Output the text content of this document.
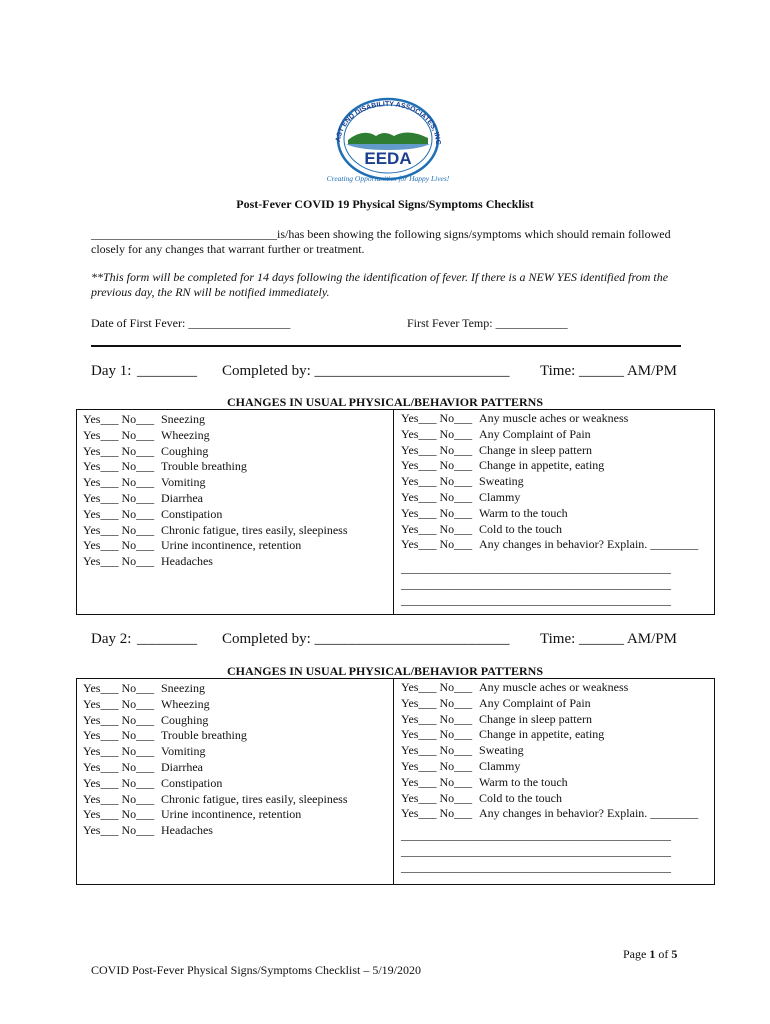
AST END DISABILITY ASSOCIATES, INC
EEDA
Creating Opportunities for Happy Lives!
Post-Fever COVID 19 Physical Signs/Symptoms Checklist
_______________________________is/has been showing the following signs/symptoms which should remain followed closely for any changes that warrant further or treatment.
**This form will be completed for 14 days following the identification of fever. If there is a NEW YES identified from the previous day, the RN will be notified immediately.
Date of First Fever: _________________	First Fever Temp: ____________
Day 1: ________ Completed by: __________________________ Time: ______ AM/PM
CHANGES IN USUAL PHYSICAL/BEHAVIOR PATTERNS
Yes___ No___ Sneezing
Yes___ No___ Wheezing
Yes___ No___ Coughing
Yes___ No___ Trouble breathing
Yes___ No___ Vomiting
Yes___ No___ Diarrhea
Yes___ No___ Constipation
Yes___ No___ Chronic fatigue, tires easily, sleepiness
Yes___ No___ Urine incontinence, retention
Yes___ No___ Headaches
Yes___ No___ Any muscle aches or weakness
Yes___ No___ Any Complaint of Pain
Yes___ No___ Change in sleep pattern
Yes___ No___ Change in appetite, eating
Yes___ No___ Sweating
Yes___ No___ Clammy
Yes___ No___ Warm to the touch
Yes___ No___ Cold to the touch
Yes___ No___ Any changes in behavior? Explain. ________
_____________________________________________
_____________________________________________
_____________________________________________
Day 2: ________ Completed by: __________________________ Time: ______ AM/PM
CHANGES IN USUAL PHYSICAL/BEHAVIOR PATTERNS
Yes___ No___ Sneezing
Yes___ No___ Wheezing
Yes___ No___ Coughing
Yes___ No___ Trouble breathing
Yes___ No___ Vomiting
Yes___ No___ Diarrhea
Yes___ No___ Constipation
Yes___ No___ Chronic fatigue, tires easily, sleepiness
Yes___ No___ Urine incontinence, retention
Yes___ No___ Headaches
Yes___ No___ Any muscle aches or weakness
Yes___ No___ Any Complaint of Pain
Yes___ No___ Change in sleep pattern
Yes___ No___ Change in appetite, eating
Yes___ No___ Sweating
Yes___ No___ Clammy
Yes___ No___ Warm to the touch
Yes___ No___ Cold to the touch
Yes___ No___ Any changes in behavior? Explain. ________
_____________________________________________
_____________________________________________
_____________________________________________
Page 1 of 5
COVID Post-Fever Physical Signs/Symptoms Checklist – 5/19/2020
